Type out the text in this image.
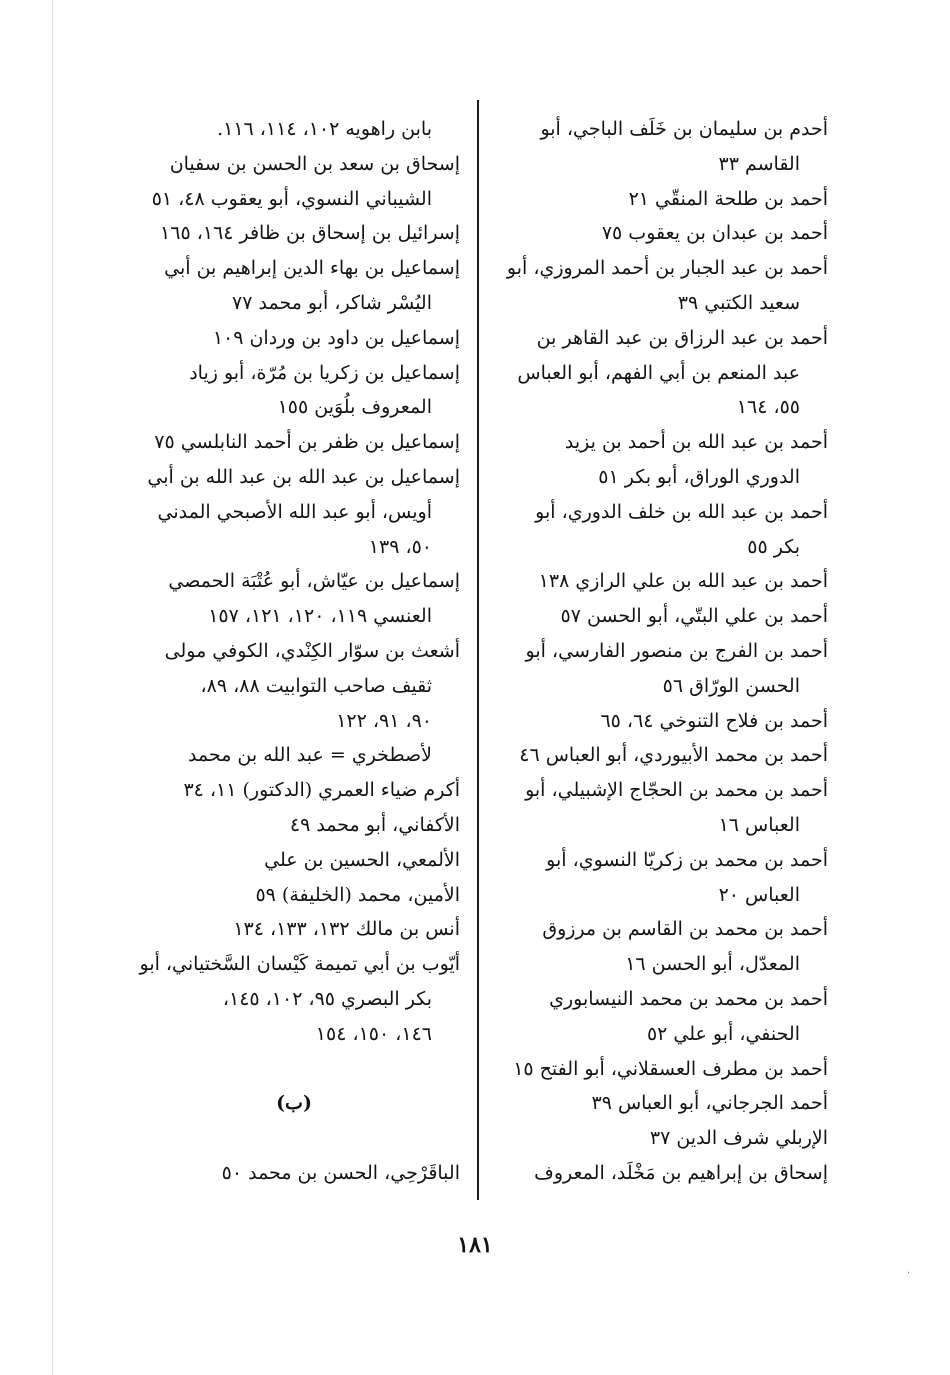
أحدم بن سليمان بن خَلَف الباجي، أبو
القاسم ٣٣
أحمد بن طلحة المنقّي ٢١
أحمد بن عبدان بن يعقوب ٧٥
أحمد بن عبد الجبار بن أحمد المروزي، أبو
سعيد الكتبي ٣٩
أحمد بن عبد الرزاق بن عبد القاهر بن
عبد المنعم بن أبي الفهم، أبو العباس
٥٥، ١٦٤
أحمد بن عبد الله بن أحمد بن يزيد
الدوري الوراق، أبو بكر ٥١
أحمد بن عبد الله بن خلف الدوري، أبو
بكر ٥٥
أحمد بن عبد الله بن علي الرازي ١٣٨
أحمد بن علي البتّي، أبو الحسن ٥٧
أحمد بن الفرج بن منصور الفارسي، أبو
الحسن الورّاق ٥٦
أحمد بن فلاح التنوخي ٦٤، ٦٥
أحمد بن محمد الأبيوردي، أبو العباس ٤٦
أحمد بن محمد بن الحجّاج الإشبيلي، أبو
العباس ١٦
أحمد بن محمد بن زكريّا النسوي، أبو
العباس ٢٠
أحمد بن محمد بن القاسم بن مرزوق
المعدّل، أبو الحسن ١٦
أحمد بن محمد بن محمد النيسابوري
الحنفي، أبو علي ٥٢
أحمد بن مطرف العسقلاني، أبو الفتح ١٥
أحمد الجرجاني، أبو العباس ٣٩
الإربلي شرف الدين ٣٧
إسحاق بن إبراهيم بن مَخْلَد، المعروف
بابن راهويه ١٠٢، ١١٤، ١١٦.
إسحاق بن سعد بن الحسن بن سفيان
الشيباني النسوي، أبو يعقوب ٤٨، ٥١
إسرائيل بن إسحاق بن ظافر ١٦٤، ١٦٥
إسماعيل بن بهاء الدين إبراهيم بن أبي
اليُسْر شاكر، أبو محمد ٧٧
إسماعيل بن داود بن وردان ١٠٩
إسماعيل بن زكريا بن مُرّة، أبو زياد
المعروف بلُوَين ١٥٥
إسماعيل بن ظفر بن أحمد النابلسي ٧٥
إسماعيل بن عبد الله بن عبد الله بن أبي
أويس، أبو عبد الله الأصبحي المدني
٥٠، ١٣٩
إسماعيل بن عيّاش، أبو عُتْبَة الحمصي
العنسي ١١٩، ١٢٠، ١٢١، ١٥٧
أشعث بن سوّار الكِنْدي، الكوفي مولى
ثقيف صاحب التوابيت ٨٨، ٨٩،
٩٠، ٩١، ١٢٢
لأصطخري = عبد الله بن محمد
أكرم ضياء العمري (الدكتور) ١١، ٣٤
الأكفاني، أبو محمد ٤٩
الألمعي، الحسين بن علي
الأمين، محمد (الخليفة) ٥٩
أنس بن مالك ١٣٢، ١٣٣، ١٣٤
أيّوب بن أبي تميمة كَيْسان السَّختياني، أبو
بكر البصري ٩٥، ١٠٢، ١٤٥،
١٤٦، ١٥٠، ١٥٤
(ب)
الباقَرْحِي، الحسن بن محمد ٥٠
١٨١
·
